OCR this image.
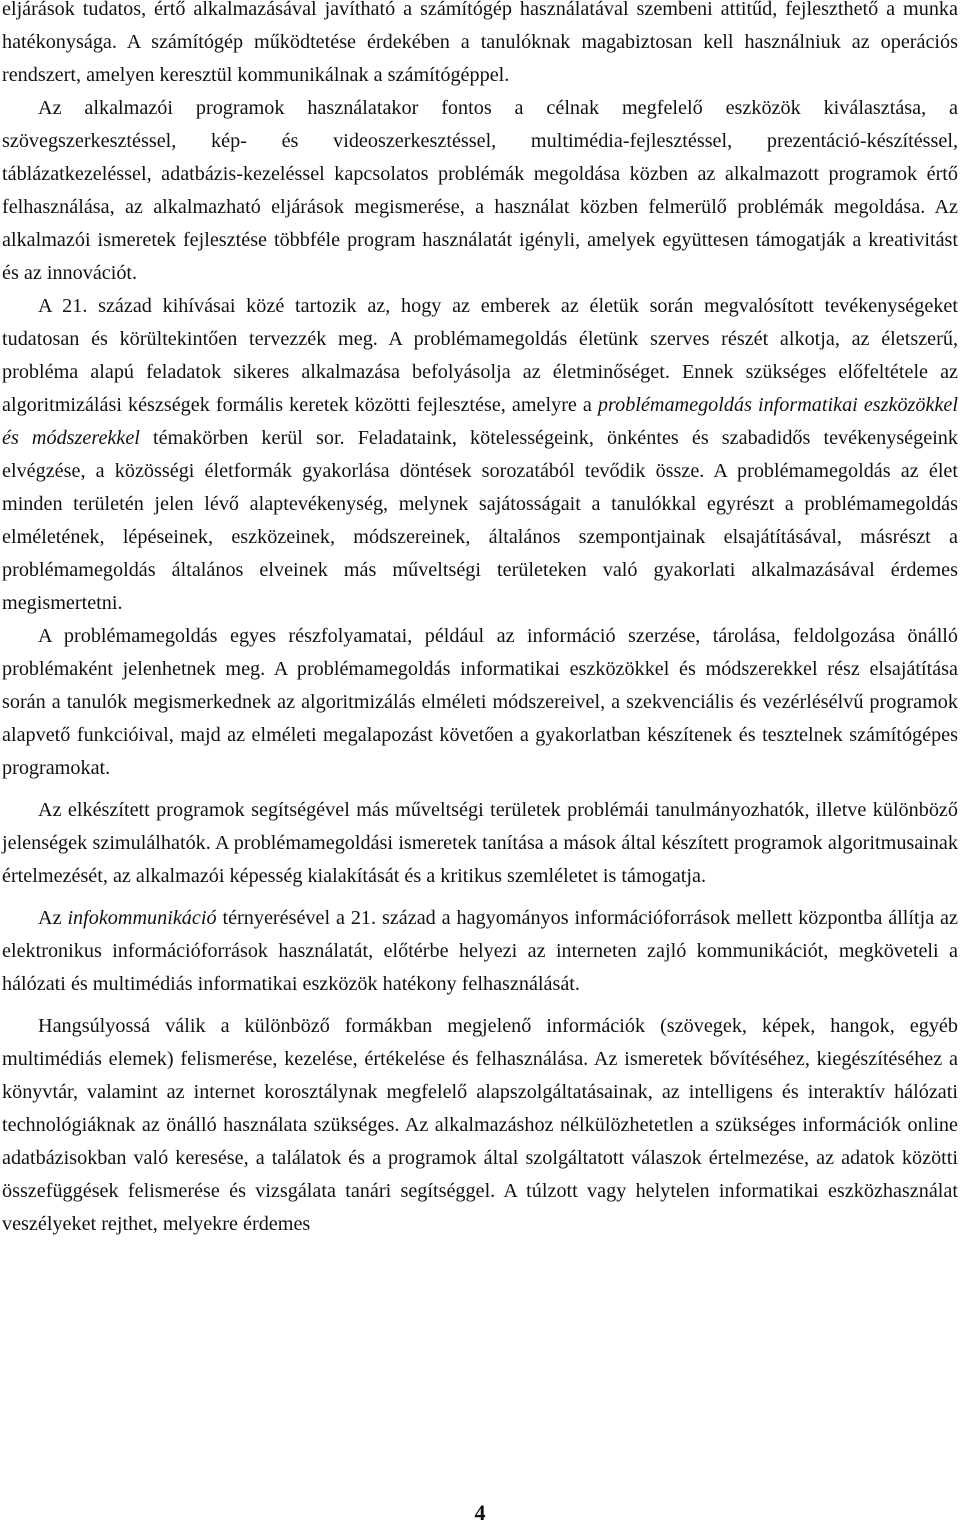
eljárások tudatos, értő alkalmazásával javítható a számítógép használatával szembeni attitűd, fejleszthető a munka hatékonysága. A számítógép működtetése érdekében a tanulóknak magabiztosan kell használniuk az operációs rendszert, amelyen keresztül kommunikálnak a számítógéppel.

Az alkalmazói programok használatakor fontos a célnak megfelelő eszközök kiválasztása, a szövegszerkesztéssel, kép- és videoszerkesztéssel, multimédia-fejlesztéssel, prezentáció-készítéssel, táblázatkezeléssel, adatbázis-kezeléssel kapcsolatos problémák megoldása közben az alkalmazott programok értő felhasználása, az alkalmazható eljárások megismerése, a használat közben felmerülő problémák megoldása. Az alkalmazói ismeretek fejlesztése többféle program használatát igényli, amelyek együttesen támogatják a kreativitást és az innovációt.

A 21. század kihívásai közé tartozik az, hogy az emberek az életük során megvalósított tevékenységeket tudatosan és körültekintően tervezzék meg. A problémamegoldás életünk szerves részét alkotja, az életszerű, probléma alapú feladatok sikeres alkalmazása befolyásolja az életminőséget. Ennek szükséges előfeltétele az algoritmizálási készségek formális keretek közötti fejlesztése, amelyre a problémamegoldás informatikai eszközökkel és módszerekkel témakörben kerül sor. Feladataink, kötelességeink, önkéntes és szabadidős tevékenységeink elvégzése, a közösségi életformák gyakorlása döntések sorozatából tevődik össze. A problémamegoldás az élet minden területén jelen lévő alaptevékenység, melynek sajátosságait a tanulókkal egyrészt a problémamegoldás elméletének, lépéseinek, eszközeinek, módszereinek, általános szempontjainak elsajátításával, másrészt a problémamegoldás általános elveinek más műveltségi területeken való gyakorlati alkalmazásával érdemes megismertetni.

A problémamegoldás egyes részfolyamatai, például az információ szerzése, tárolása, feldolgozása önálló problémaként jelenhetnek meg. A problémamegoldás informatikai eszközökkel és módszerekkel rész elsajátítása során a tanulók megismerkednek az algoritmizálás elméleti módszereivel, a szekvenciális és vezérlésélvű programok alapvető funkcióival, majd az elméleti megalapozást követően a gyakorlatban készítenek és tesztelnek számítógépes programokat.

Az elkészített programok segítségével más műveltségi területek problémái tanulmányozhatók, illetve különböző jelenségek szimulálhatók. A problémamegoldási ismeretek tanítása a mások által készített programok algoritmusainak értelmezését, az alkalmazói képesség kialakítását és a kritikus szemléletet is támogatja.

Az infokommunikáció térnyerésével a 21. század a hagyományos információforrások mellett központba állítja az elektronikus információforrások használatát, előtérbe helyezi az interneten zajló kommunikációt, megköveteli a hálózati és multimédiás informatikai eszközök hatékony felhasználását.

Hangsúlyossá válik a különböző formákban megjelenő információk (szövegek, képek, hangok, egyéb multimédiás elemek) felismerése, kezelése, értékelése és felhasználása. Az ismeretek bővítéséhez, kiegészítéséhez a könyvtár, valamint az internet korosztálynak megfelelő alapszolgáltatásainak, az intelligens és interaktív hálózati technológiáknak az önálló használata szükséges. Az alkalmazáshoz nélkülözhetetlen a szükséges információk online adatbázisokban való keresése, a találatok és a programok által szolgáltatott válaszok értelmezése, az adatok közötti összefüggések felismerése és vizsgálata tanári segítséggel. A túlzott vagy helytelen informatikai eszközhasználat veszélyeket rejthet, melyekre érdemes

4
